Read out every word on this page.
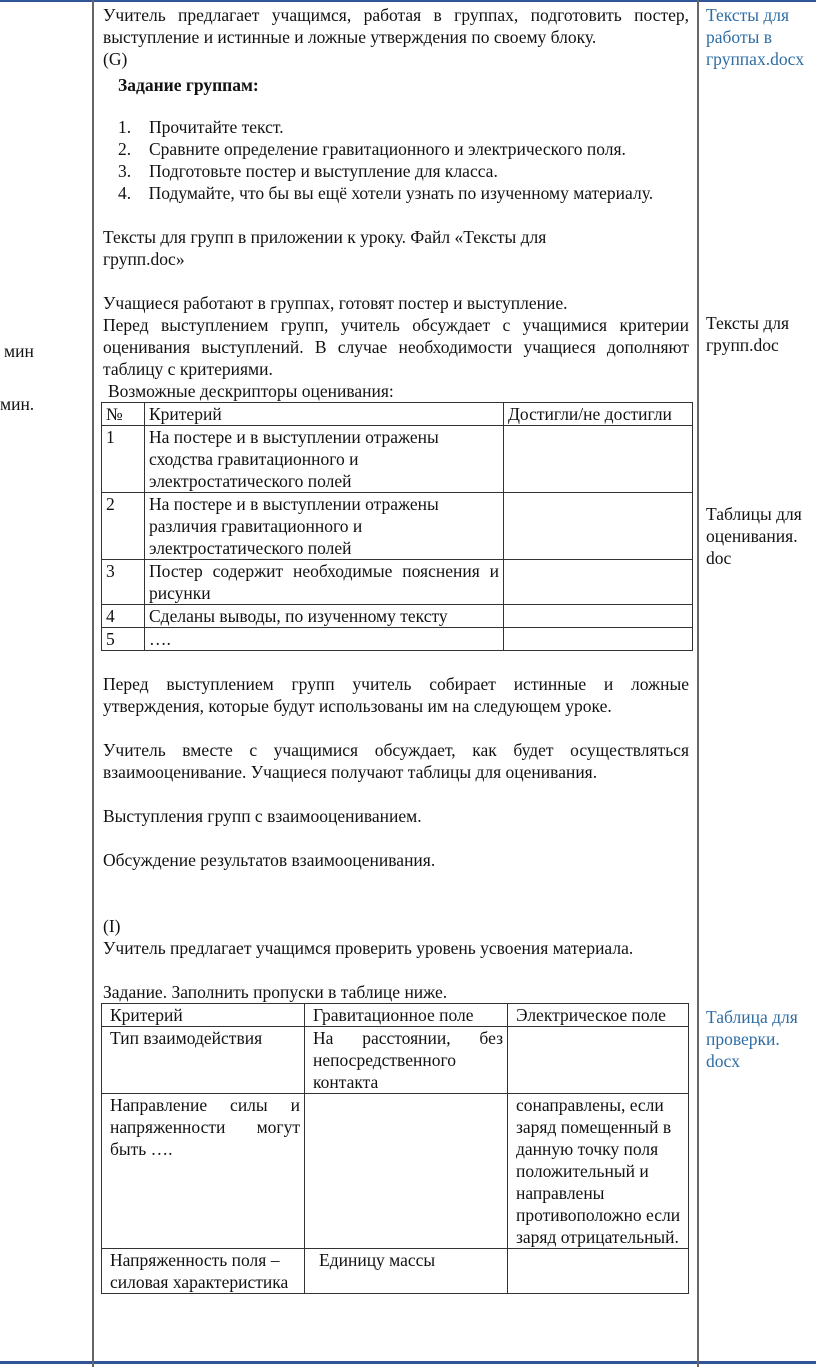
мин
мин.

Учитель предлагает учащимся, работая в группах, подготовить постер, выступление и истинные и ложные утверждения по своему блоку.

(G)

Задание группам:

1. Прочитайте текст.
2. Сравните определение гравитационного и электрического поля.
3. Подготовьте постер и выступление для класса.
4. Подумайте, что бы вы ещё хотели узнать по изученному материалу.

Тексты для групп в приложении к уроку. Файл «Тексты для групп.doc»

Учащиеся работают в группах, готовят постер и выступление.

Перед выступлением групп, учитель обсуждает с учащимися критерии оценивания выступлений. В случае необходимости учащиеся дополняют таблицу с критериями.

Возможные дескрипторы оценивания:

№	Критерий	Достигли/не достигли
1	На постере и в выступлении отражены сходства гравитационного и электростатического полей	
2	На постере и в выступлении отражены различия гравитационного и электростатического полей	
3	Постер содержит необходимые пояснения и рисунки	
4	Сделаны выводы, по изученному тексту	
5	….	

Перед выступлением групп учитель собирает истинные и ложные утверждения, которые будут использованы им на следующем уроке.

Учитель вместе с учащимися обсуждает, как будет осуществляться взаимооценивание. Учащиеся получают таблицы для оценивания.

Выступления групп с взаимооцениванием.

Обсуждение результатов взаимооценивания.

(I)

Учитель предлагает учащимся проверить уровень усвоения материала.

Задание. Заполнить пропуски в таблице ниже.

Критерий	Гравитационное поле	Электрическое поле
Тип взаимодействия	На расстоянии, без непосредственного контакта	
Направление силы и напряженности могут быть ….		сонаправлены, если заряд помещенный в данную точку поля положительный и направлены противоположно если заряд отрицательный.
Напряженность поля – силовая характеристика	Единицу массы	
Тексты для работы в группах.docx
Тексты для групп.doc
Таблицы для оценивания. doc
Таблица для проверки. docx
